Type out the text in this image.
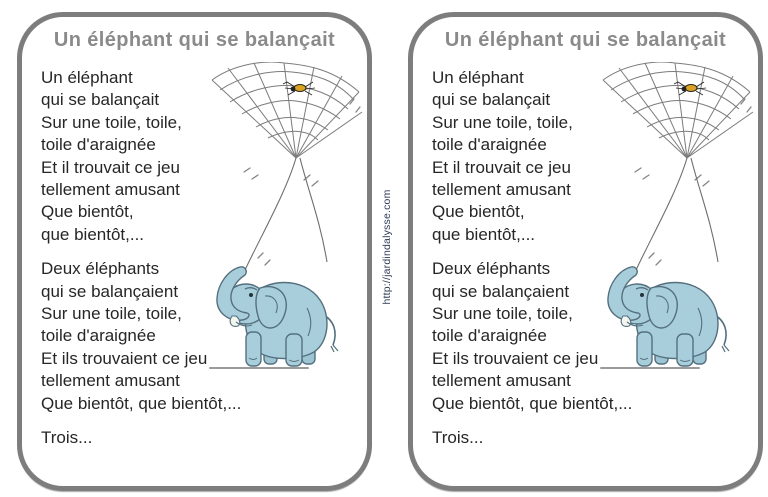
Un éléphant qui se balançait
Un éléphant
qui se balançait
Sur une toile, toile,
toile d'araignée
Et il trouvait ce jeu
tellement amusant
Que bientôt,
que bientôt,...
Deux éléphants
qui se balançaient
Sur une toile, toile,
toile d'araignée
Et ils trouvaient ce jeu
tellement amusant
Que bientôt, que bientôt,...
Trois...
http://jardindalysse.com
Un éléphant qui se balançait
Un éléphant
qui se balançait
Sur une toile, toile,
toile d'araignée
Et il trouvait ce jeu
tellement amusant
Que bientôt,
que bientôt,...
Deux éléphants
qui se balançaient
Sur une toile, toile,
toile d'araignée
Et ils trouvaient ce jeu
tellement amusant
Que bientôt, que bientôt,...
Trois...
